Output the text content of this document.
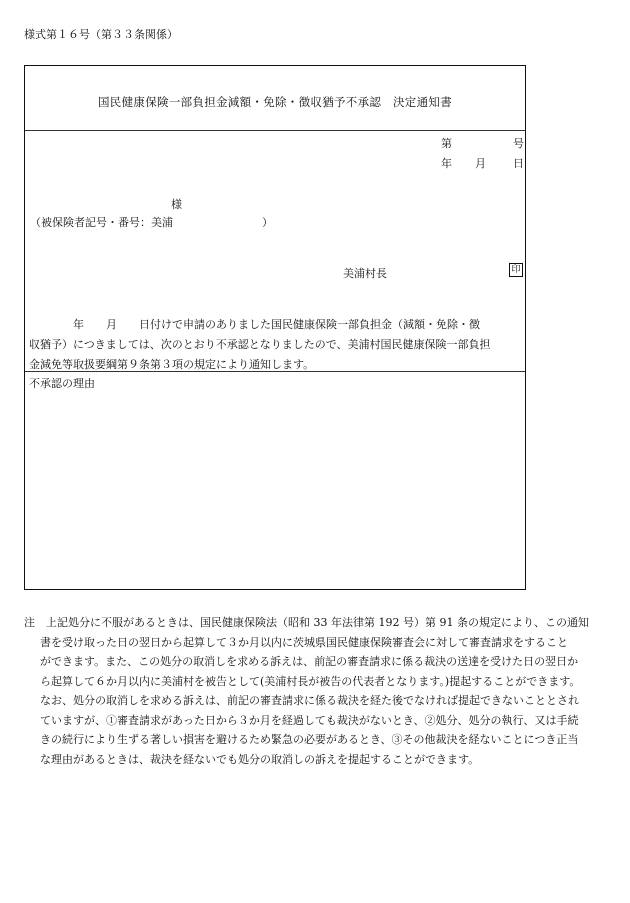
様式第１６号（第３３条関係）
国民健康保険一部負担金減額・免除・徴収猶予不承認　決定通知書
第	号
年 月 日
様
（被保険者記号・番号：美浦	）
美浦村長	印
　　　　年　　月　　日付けで申請のありました国民健康保険一部負担金（減額・免除・徴
収猶予）につきましては、次のとおり不承認となりましたので、美浦村国民健康保険一部負担
金減免等取扱要綱第９条第３項の規定により通知します。
不承認の理由
注　上記処分に不服があるときは、国民健康保険法（昭和 33 年法律第 192 号）第 91 条の規定により、この通知
書を受け取った日の翌日から起算して３か月以内に茨城県国民健康保険審査会に対して審査請求をすること
ができます。また、この処分の取消しを求める訴えは、前記の審査請求に係る裁決の送達を受けた日の翌日か
ら起算して６か月以内に美浦村を被告として(美浦村長が被告の代表者となります。)提起することができます。
なお、処分の取消しを求める訴えは、前記の審査請求に係る裁決を経た後でなければ提起できないこととされ
ていますが、①審査請求があった日から３か月を経過しても裁決がないとき、②処分、処分の執行、又は手続
きの続行により生ずる著しい損害を避けるため緊急の必要があるとき、③その他裁決を経ないことにつき正当
な理由があるときは、裁決を経ないでも処分の取消しの訴えを提起することができます。
